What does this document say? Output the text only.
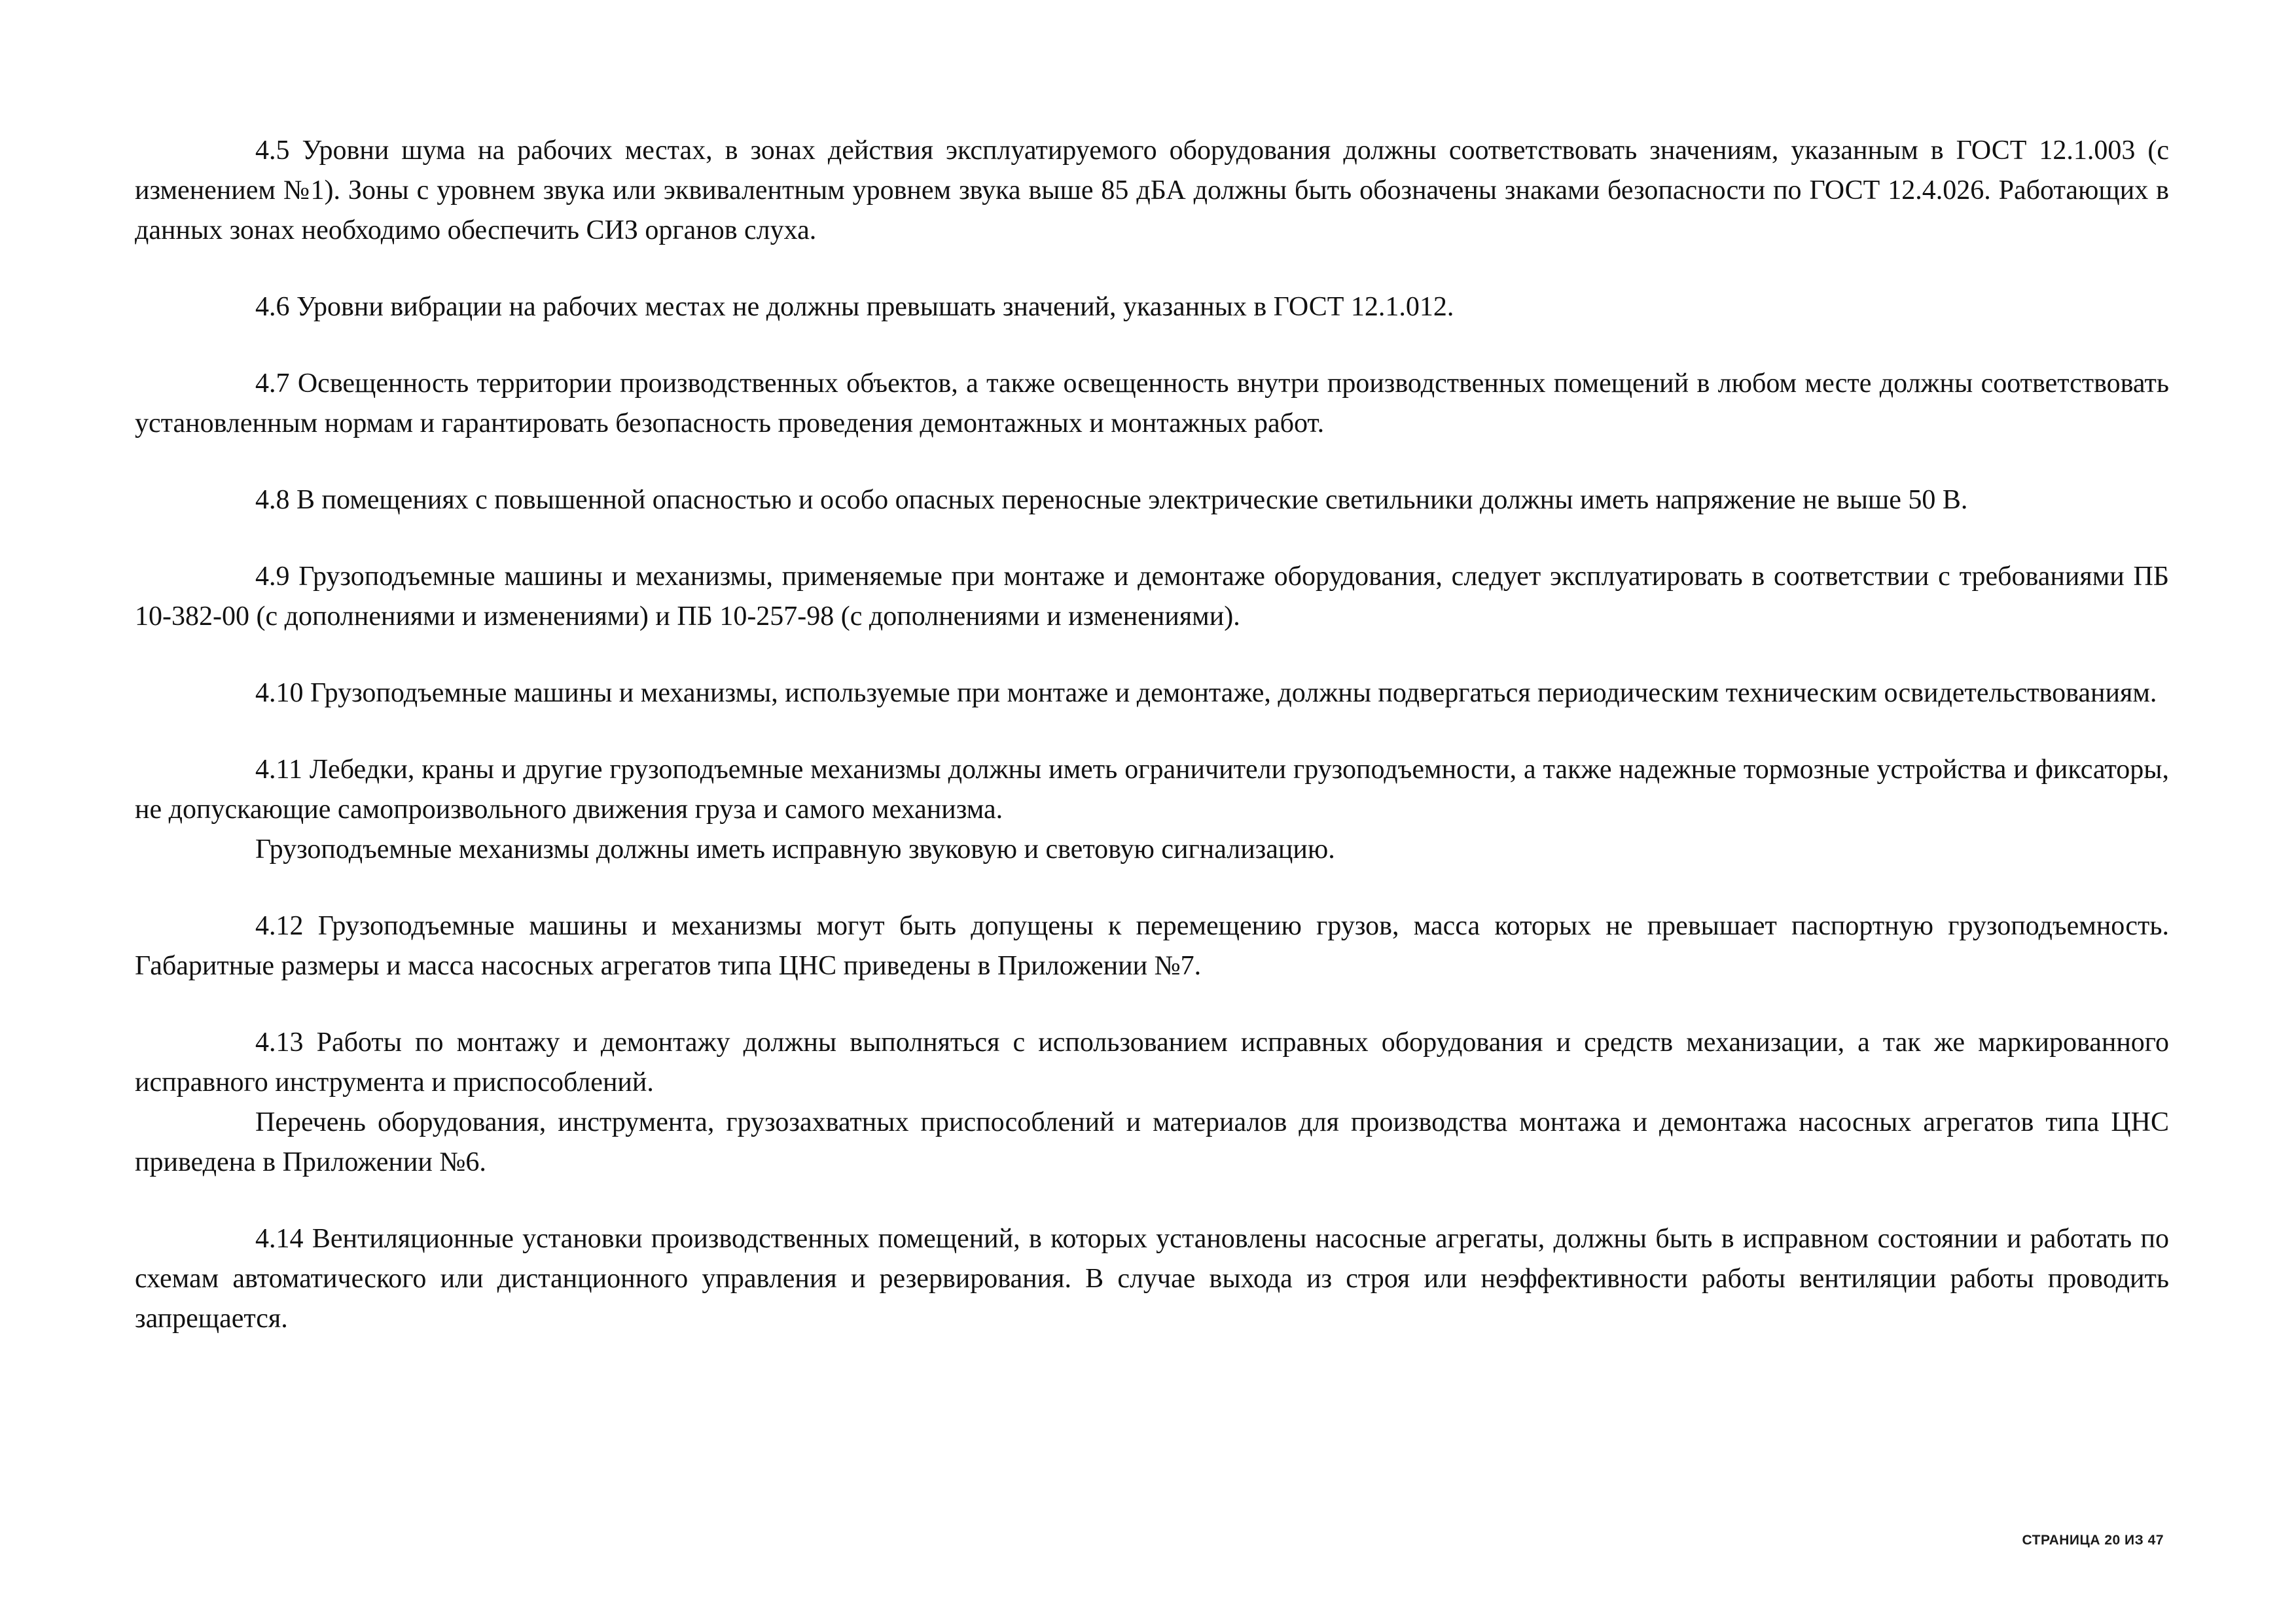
4.5 Уровни шума на рабочих местах, в зонах действия эксплуатируемого оборудования должны соответствовать значениям, указанным в ГОСТ 12.1.003 (с изменением №1). Зоны с уровнем звука или эквивалентным уровнем звука выше 85 дБА должны быть обозначены знаками безопасности по ГОСТ 12.4.026. Работающих в данных зонах необходимо обеспечить СИЗ органов слуха.

4.6 Уровни вибрации на рабочих местах не должны превышать значений, указанных в ГОСТ 12.1.012.

4.7 Освещенность территории производственных объектов, а также освещенность внутри производственных помещений в любом месте должны соответствовать установленным нормам и гарантировать безопасность проведения демонтажных и монтажных работ.

4.8 В помещениях с повышенной опасностью и особо опасных переносные электрические светильники должны иметь напряжение не выше 50 В.

4.9 Грузоподъемные машины и механизмы, применяемые при монтаже и демонтаже оборудования, следует эксплуатировать в соответствии с требованиями ПБ 10-382-00 (с дополнениями и изменениями) и ПБ 10-257-98 (с дополнениями и изменениями).

4.10 Грузоподъемные машины и механизмы, используемые при монтаже и демонтаже, должны подвергаться периодическим техническим освидетельствованиям.

4.11 Лебедки, краны и другие грузоподъемные механизмы должны иметь ограничители грузоподъемности, а также надежные тормозные устройства и фиксаторы, не допускающие самопроизвольного движения груза и самого механизма.

Грузоподъемные механизмы должны иметь исправную звуковую и световую сигнализацию.

4.12 Грузоподъемные машины и механизмы могут быть допущены к перемещению грузов, масса которых не превышает паспортную грузоподъемность. Габаритные размеры и масса насосных агрегатов типа ЦНС приведены в Приложении №7.

4.13 Работы по монтажу и демонтажу должны выполняться с использованием исправных оборудования и средств механизации, а так же маркированного исправного инструмента и приспособлений.

Перечень оборудования, инструмента, грузозахватных приспособлений и материалов для производства монтажа и демонтажа насосных агрегатов типа ЦНС приведена в Приложении №6.

4.14 Вентиляционные установки производственных помещений, в которых установлены насосные агрегаты, должны быть в исправном состоянии и работать по схемам автоматического или дистанционного управления и резервирования. В случае выхода из строя или неэффективности работы вентиляции работы проводить запрещается.

СТРАНИЦА 20 ИЗ 47
